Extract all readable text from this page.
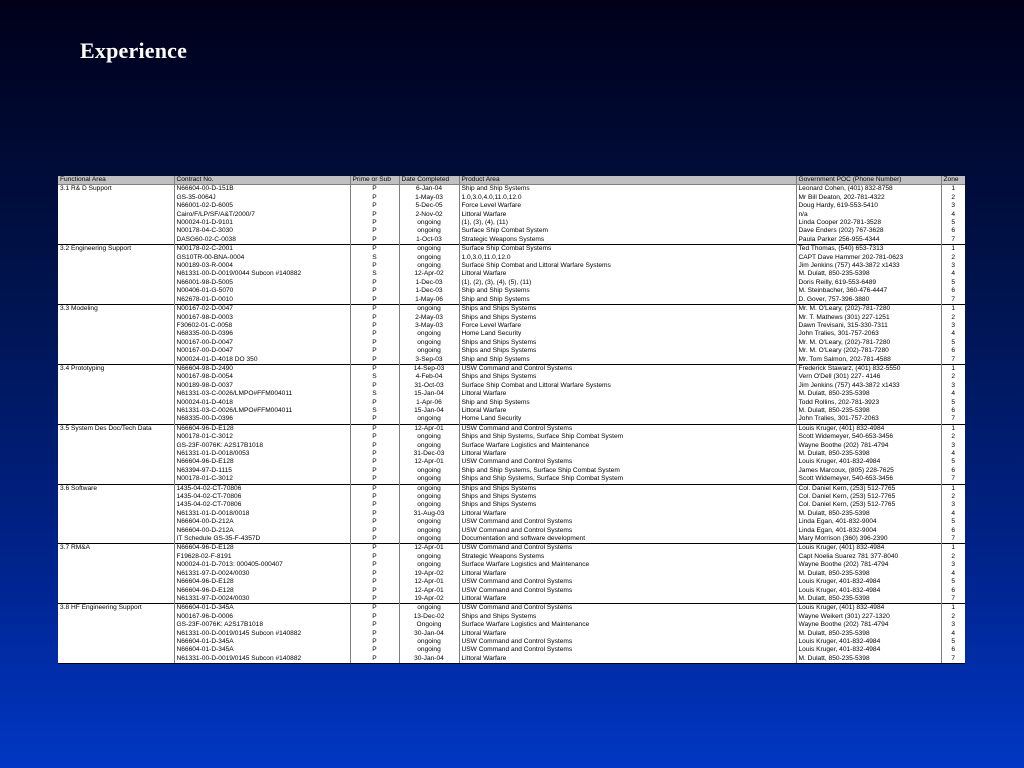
Experience
Functional Area	Contract No.	Prime or Sub	Date Completed	Product Area	Government POC (Phone Number)	Zone
3.1 R& D Support	N66604-00-D-151B	P	6-Jan-04	Ship and Ship Systems	Leonard Cohen, (401) 832-8758	1
	GS-35-0064J	P	1-May-03	1.0,3.0,4.0,11.0,12.0	Mr Bill Deaton, 202-781-4322	2
	N66001-02-D-6005	P	5-Dec-05	Force Level Warfare	Doug Hardy, 619-553-5410	3
	Cairo/F/LP/SF/A&T/2000/7	P	2-Nov-02	Littoral Warfare	n/a	4
	N00024-01-D-9101	P	ongoing	(1), (3), (4), (11)	Linda Cooper 202-781-3528	5
	N00178-04-C-3030	P	ongoing	Surface Ship Combat System	Dave Enders (202) 767-3628	6
	DASG60-02-C-0038	P	1-Oct-03	Strategic Weapons Systems	Paula Parker 256-955-4344	7
3.2 Engineering Support	N00178-02-C-2001	P	ongoing	Surface Ship Combat Systems	Ted Thomas, (540) 653-7313	1
	GS10TR-00-BNA-0004	S	ongoing	1.0,3.0,11.0,12.0	CAPT Dave Hammer 202-781-0623	2
	N00189-03-R-0004	P	ongoing	Surface Ship Combat and Littoral Warfare Systems	Jim Jenkins (757) 443-3872 x1433	3
	N61331-00-D-0019/0044 Subcon #140882	S	12-Apr-02	Littoral Warfare	M. Dulatt, 850-235-5398	4
	N66001-98-D-5005	P	1-Dec-03	(1), (2), (3), (4), (5), (11)	Doris Reilly, 619-553-6489	5
	N00406-01-G-5070	P	1-Dec-03	Ship and Ship Systems	M. Steinbacher, 360-476-4447	6
	N62678-01-D-0010	P	1-May-06	Ship and Ship Systems	D. Gover, 757-396-3880	7
3.3 Modeling	N00167-02-D-0047	P	ongoing	Ships and Ships Systems	Mr. M. O'Leary, (202)-781-7280	1
	N00167-98-D-0003	P	2-May-03	Ships and Ships Systems	Mr. T. Mathews (301) 227-1251	2
	F30602-01-C-0058	P	3-May-03	Force Level Warfare	Dawn Trevisani, 315-330-7311	3
	N68335-00-D-0396	P	ongoing	Home Land Security	John Tralies, 301-757-2063	4
	N00167-00-D-0047	P	ongoing	Ships and Ships Systems	Mr. M. O'Leary, (202)-781-7280	5
	N00167-00-D-0047	P	ongoing	Ships and Ships Systems	Mr. M. O'Leary (202)-781-7280	6
	N00024-01-D-4018 DO 350	P	3-Sep-03	Ship and Ship Systems	Mr. Tom Salmon, 202-781-4588	7
3.4 Prototyping	N66604-98-D-2490	P	14-Sep-03	USW Command and Control Systems	Frederick Stawarz, (401) 832-5550	1
	N00167-98-D-0054	S	4-Feb-04	Ships and Ships Systems	Vern O'Dell (301) 227- 4146	2
	N00189-98-D-0037	P	31-Oct-03	Surface Ship Combat and Littoral Warfare Systems	Jim Jenkins (757) 443-3872 x1433	3
	N61331-03-C-0026/LMPO#FFM004011	S	15-Jan-04	Littoral Warfare	M. Dulatt, 850-235-5398	4
	N00024-01-D-4018	P	1-Apr-06	Ship and Ship Systems	Todd Rollins, 202-781-3923	5
	N61331-03-C-0026/LMPO#FFM004011	S	15-Jan-04	Littoral Warfare	M. Dulatt, 850-235-5398	6
	N68335-00-D-0396	P	ongoing	Home Land Security	John Tralies, 301-757-2063	7
3.5 System Des Doc/Tech Data	N66604-96-D-E128	P	12-Apr-01	USW Command and Control Systems	Louis Kruger, (401) 832-4984	1
	N00178-01-C-3012	P	ongoing	Ships and Ship Systems, Surface Ship Combat System	Scott Widemeyer, 540-653-3456	2
	GS-23F-0076K: A2S17B1018	P	ongoing	Surface Warfare Logistics and Maintenance	Wayne Boothe (202) 781-4794	3
	N61331-01-D-0018/0053	P	31-Dec-03	Littoral Warfare	M. Dulatt, 850-235-5398	4
	N66604-96-D-E128	P	12-Apr-01	USW Command and Control Systems	Louis Kruger, 401-832-4984	5
	N63394-97-D-1115	P	ongoing	Ship and Ship Systems, Surface Ship Combat System	James Marcoux, (805) 228-7625	6
	N00178-01-C-3012	P	ongoing	Ships and Ship Systems, Surface Ship Combat System	Scott Widemeyer, 540-653-3456	7
3.6 Software	1435-04-02-CT-70806	P	ongoing	Ships and Ships Systems	Col. Daniel Kern, (253) 512-7765	1
	1435-04-02-CT-70806	P	ongoing	Ships and Ships Systems	Col. Daniel Kern, (253) 512-7765	2
	1435-04-02-CT-70806	P	ongoing	Ships and Ships Systems	Col. Daniel Kern, (253) 512-7765	3
	N61331-01-D-0018/0018	P	31-Aug-03	Littoral Warfare	M. Dulatt, 850-235-5398	4
	N66604-00-D-212A	P	ongoing	USW Command and Control Systems	Linda Egan, 401-832-9004	5
	N66604-00-D-212A	P	ongoing	USW Command and Control Systems	Linda Egan, 401-832-9004	6
	IT Schedule GS-35-F-4357D	P	ongoing	Documentation and software development	Mary Morrison (360) 396-2390	7
3.7 RM&A	N66604-96-D-E128	P	12-Apr-01	USW Command and Control Systems	Louis Kruger, (401) 832-4984	1
	F19628-02-F-8191	P	ongoing	Strategic Weapons Systems	Capt Noelia Suarez 781 377-8040	2
	N00024-01-D-7013: 000405-000407	P	ongoing	Surface Warfare Logistics and Maintenance	Wayne Boothe (202) 781-4794	3
	N61331-97-D-0024/0030	P	19-Apr-02	Littoral Warfare	M. Dulatt, 850-235-5398	4
	N66604-96-D-E128	P	12-Apr-01	USW Command and Control Systems	Louis Kruger, 401-832-4984	5
	N66604-96-D-E128	P	12-Apr-01	USW Command and Control Systems	Louis Kruger, 401-832-4984	6
	N61331-97-D-0024/0030	P	19-Apr-02	Littoral Warfare	M. Dulatt, 850-235-5398	7
3.8 HF Engineering Support	N66604-01-D-345A	P	ongoing	USW Command and Control Systems	Louis Kruger, (401) 832-4984	1
	N00167-96-D-0006	P	13-Dec-02	Ships and Ships Systems	Wayne Weikert (301) 227-1320	2
	GS-23F-0076K: A2S17B1018	P	Ongoing	Surface Warfare Logistics and Maintenance	Wayne Boothe (202) 781-4794	3
	N61331-00-D-0019/0145 Subcon #140882	P	30-Jan-04	Littoral Warfare	M. Dulatt, 850-235-5398	4
	N66604-01-D-345A	P	ongoing	USW Command and Control Systems	Louis Kruger, 401-832-4984	5
	N66604-01-D-345A	P	ongoing	USW Command and Control Systems	Louis Kruger, 401-832-4984	6
	N61331-00-D-0019/0145 Subcon #140882	P	30-Jan-04	Littoral Warfare	M. Dulatt, 850-235-5398	7
